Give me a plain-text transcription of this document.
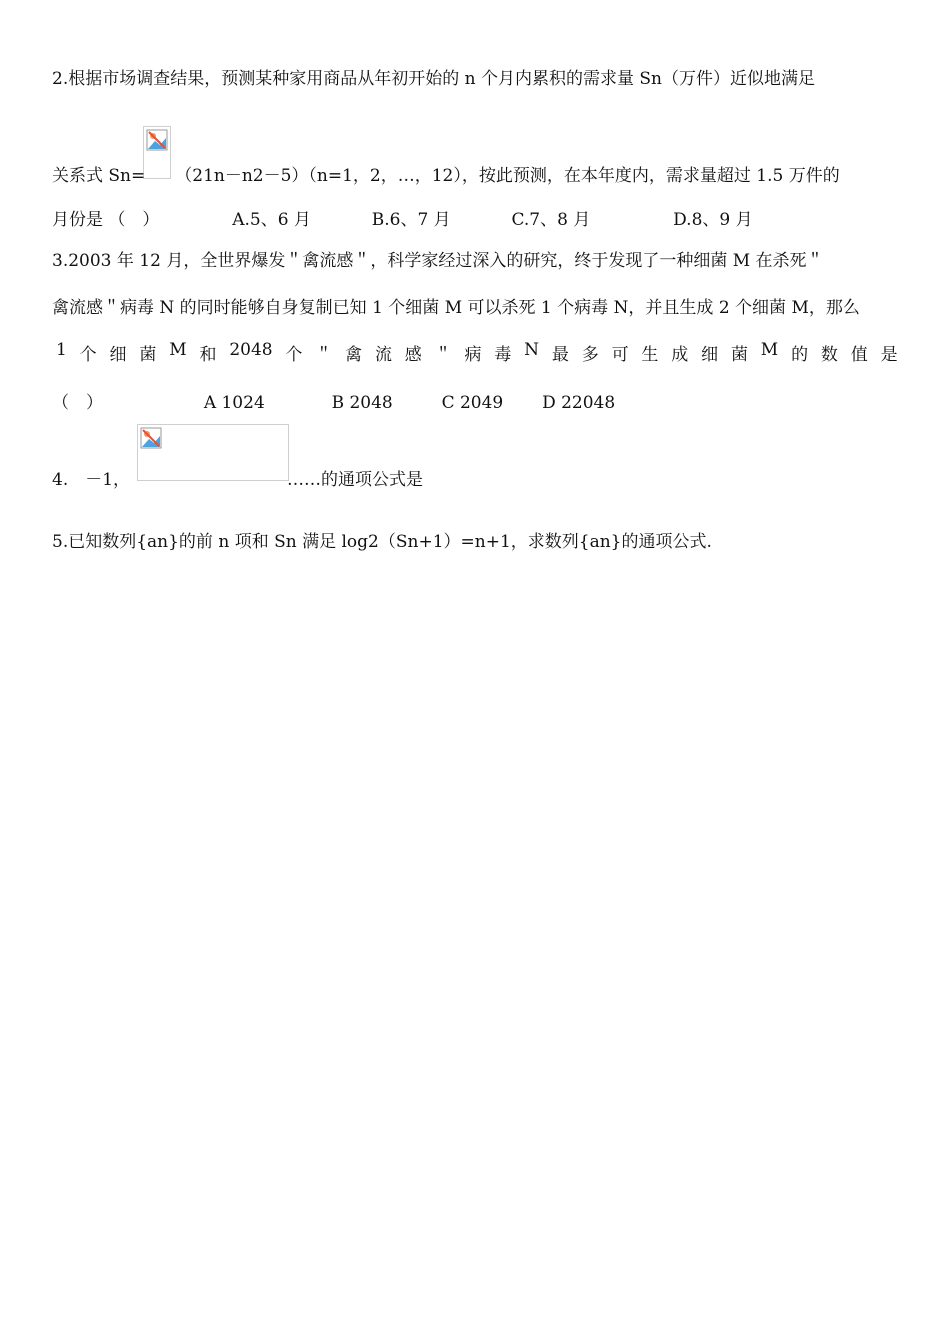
2.根据市场调查结果，预测某种家用商品从年初开始的 n 个月内累积的需求量 Sn（万件）近似地满足
关系式 Sn= （21n－n2－5）（n=1，2，…，12），按此预测，在本年度内，需求量超过 1.5 万件的
月份是 （　）	A.5、6 月	B.6、7 月	C.7、8 月	D.8、9 月
3.2003 年 12 月，全世界爆发＂禽流感＂，科学家经过深入的研究，终于发现了一种细菌 M 在杀死＂
禽流感＂病毒 N 的同时能够自身复制已知 1 个细菌 M 可以杀死 1 个病毒 N，并且生成 2 个细菌 M，那么
1 个 细 菌 M 和 2048 个 ＂ 禽 流 感 ＂ 病 毒 N 最 多 可 生 成 细 菌 M 的 数 值 是
（　）	A 1024	B 2048	C 2049 D 22048
4.　－1，	……的通项公式是
5.已知数列{an}的前 n 项和 Sn 满足 log2（Sn+1）=n+1，求数列{an}的通项公式.
